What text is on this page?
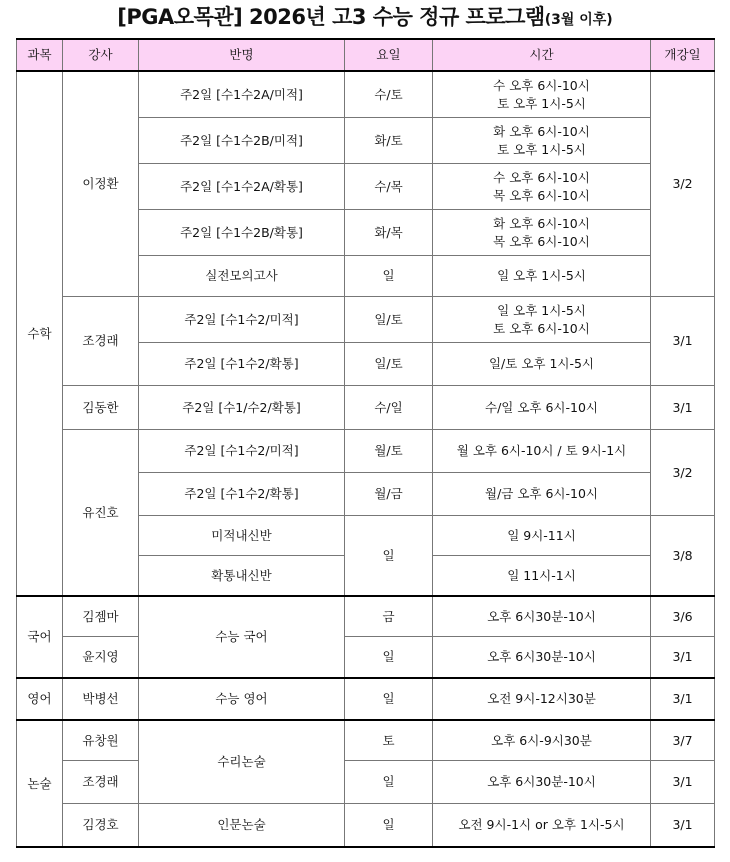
[PGA오목관] 2026년 고3 수능 정규 프로그램(3월 이후)
과목	강사	반명	요일	시간	개강일
수학	이정환	주2일 [수1수2A/미적]	수/토	수 오후 6시-10시
토 오후 1시-5시	3/2
		주2일 [수1수2B/미적]	화/토	화 오후 6시-10시
토 오후 1시-5시	

		주2일 [수1수2A/확통]	수/목	수 오후 6시-10시
목 오후 6시-10시	

		주2일 [수1수2B/확통]	화/목	화 오후 6시-10시
목 오후 6시-10시	

		실전모의고사	일	일 오후 1시-5시	
	조경래	주2일 [수1수2/미적]	일/토	일 오후 1시-5시
토 오후 6시-10시	3/1
		주2일 [수1수2/확통]	일/토	일/토 오후 1시-5시	
	김동한	주2일 [수1/수2/확통]	수/일	수/일 오후 6시-10시	3/1
	유진호	주2일 [수1수2/미적]	월/토	월 오후 6시-10시 / 토 9시-1시	3/2
		주2일 [수1수2/확통]	월/금	월/금 오후 6시-10시	
		미적내신반	일	일 9시-11시	3/8
		확통내신반		일 11시-1시	
국어	김젬마	수능 국어	금	오후 6시30분-10시	3/6
	윤지영		일	오후 6시30분-10시	3/1
영어	박병선	수능 영어	일	오전 9시-12시30분	3/1
논술	유창원	수리논술	토	오후 6시-9시30분	3/7
	조경래		일	오후 6시30분-10시	3/1
	김경호	인문논술	일	오전 9시-1시 or 오후 1시-5시	3/1
